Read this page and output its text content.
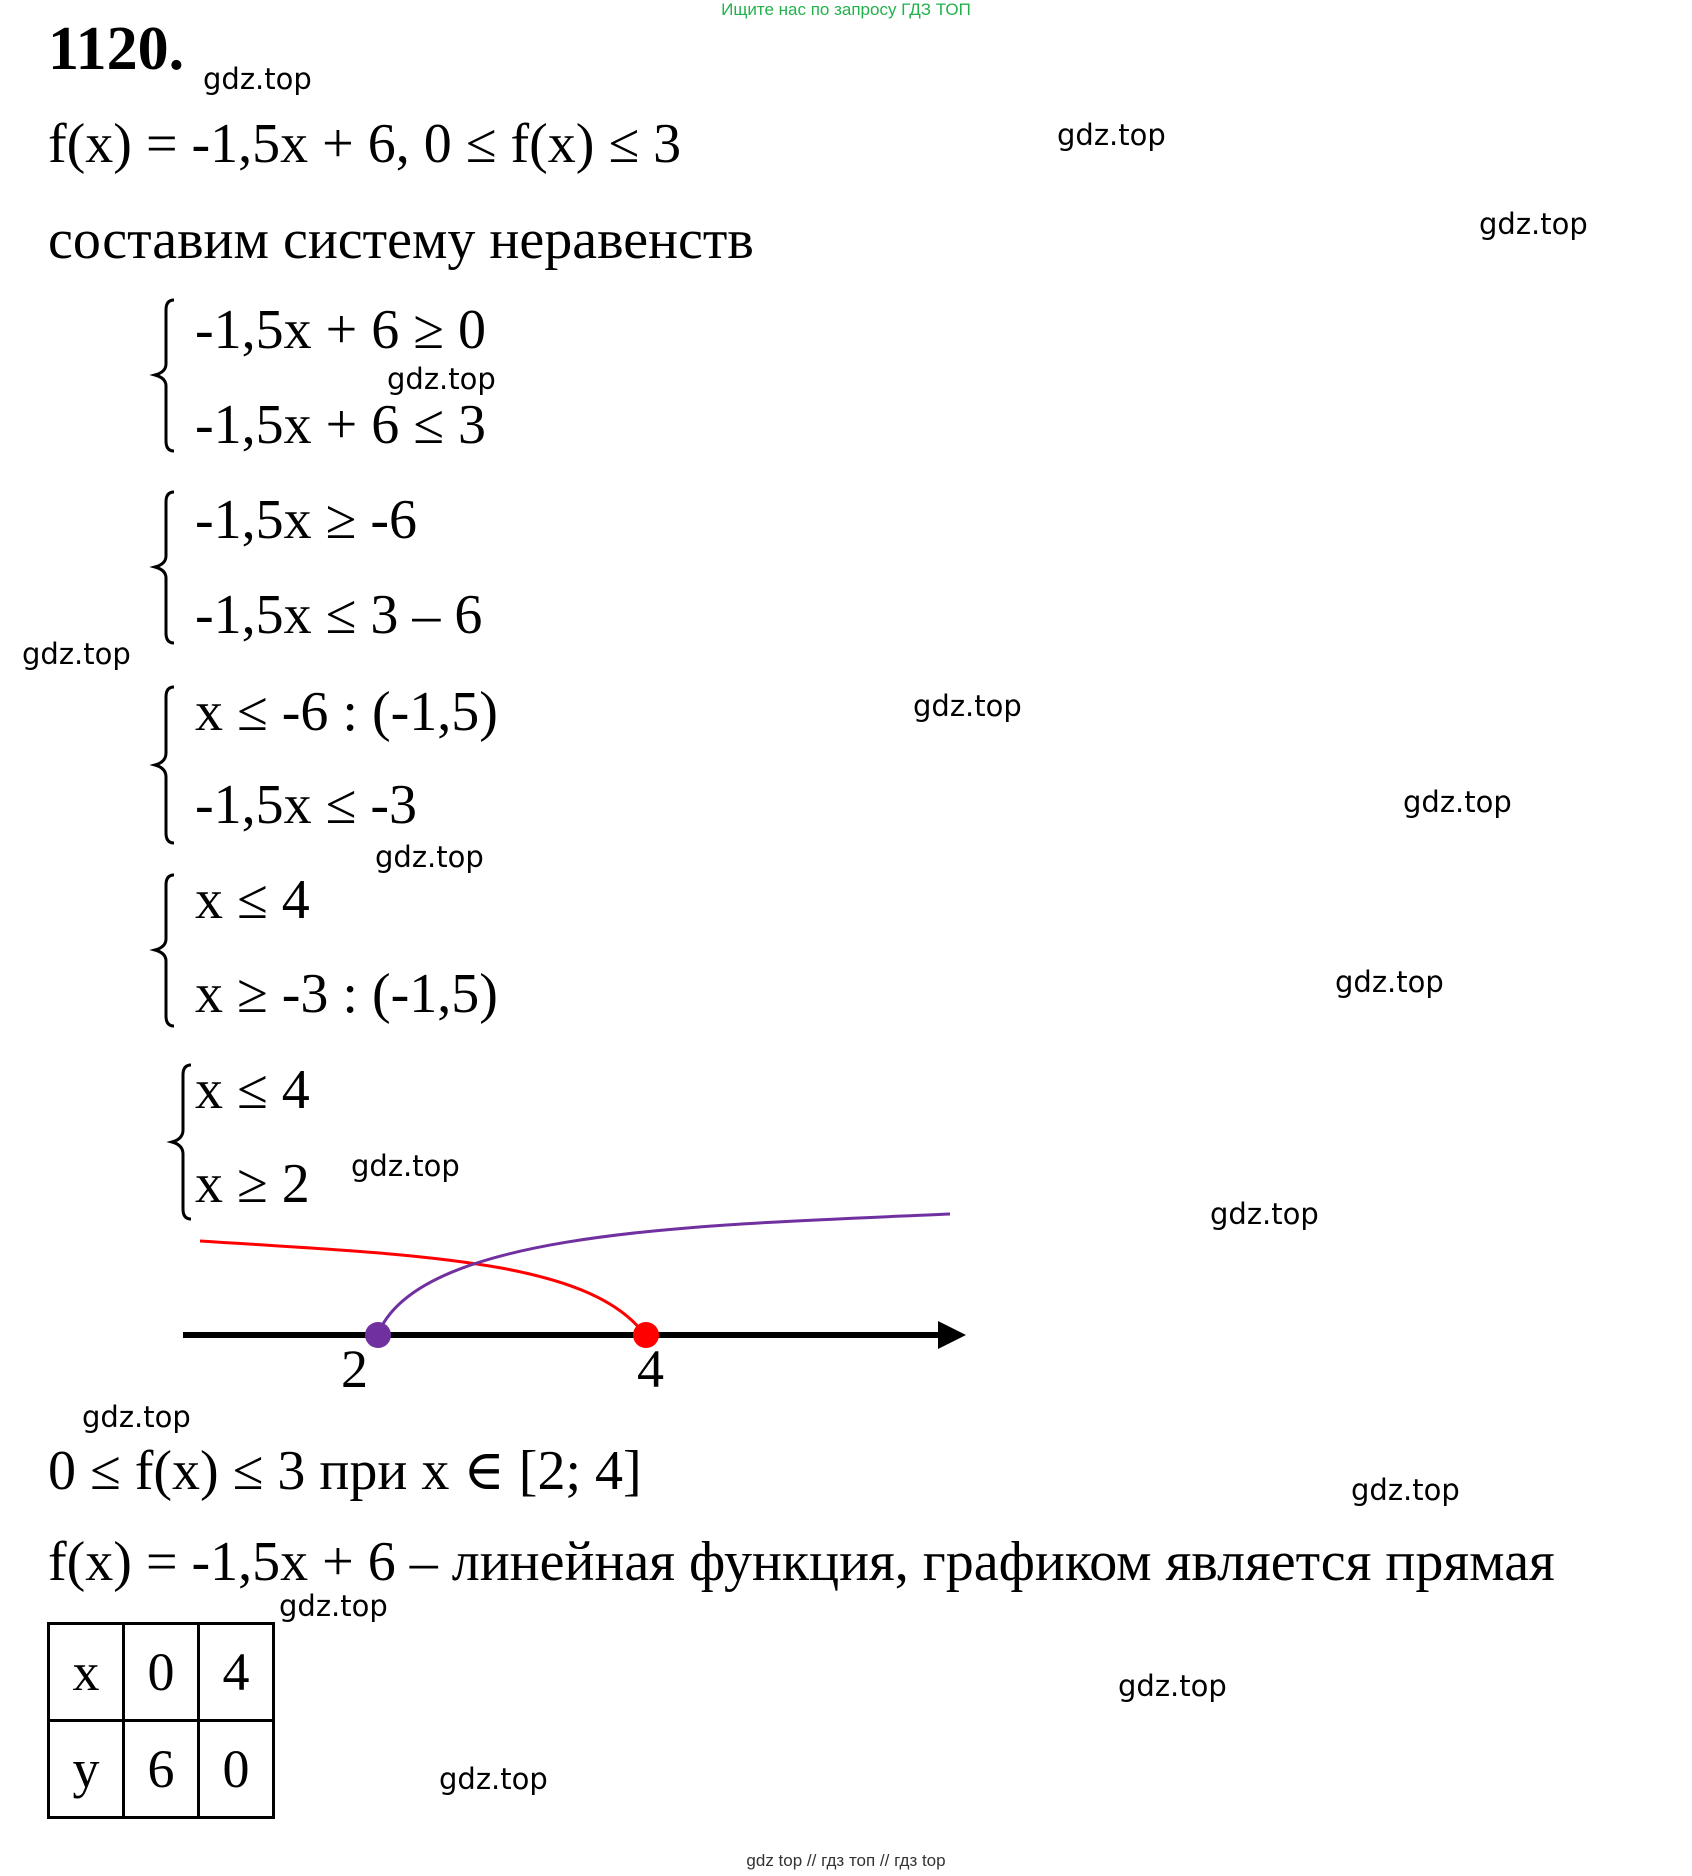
Ищите нас по запросу ГДЗ ТОП
1120.
f(x) = -1,5x + 6, 0 ≤ f(x) ≤ 3
составим систему неравенств
-1,5x + 6 ≥ 0
-1,5x + 6 ≤ 3
-1,5x ≥ -6
-1,5x ≤ 3 – 6
x ≤ -6 : (-1,5)
-1,5x ≤ -3
x ≤ 4
x ≥ -3 : (-1,5)
x ≤ 4
x ≥ 2
2	4
0 ≤ f(x) ≤ 3 при x ∈ [2; 4]
f(x) = -1,5x + 6 – линейная функция, графиком является прямая
x	0	4
y	6	0
gdz.top
gdz.top
gdz.top
gdz.top
gdz.top
gdz.top
gdz.top
gdz.top
gdz.top
gdz.top
gdz.top
gdz.top
gdz.top
gdz.top
gdz.top
gdz.top
gdz top // гдз топ // гдз top
